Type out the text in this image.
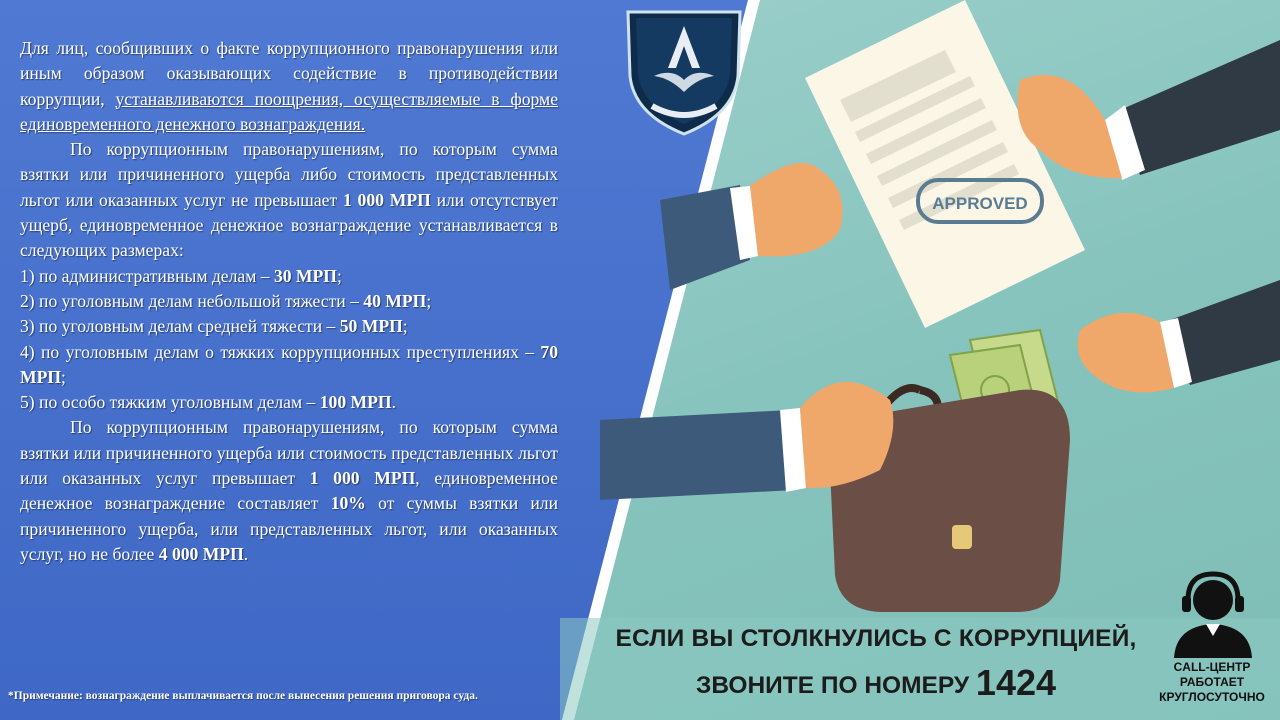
Для лиц, сообщивших о факте коррупционного правонарушения или иным образом оказывающих содействие в противодействии коррупции, устанавливаются поощрения, осуществляемые в форме единовременного денежного вознаграждения.

По коррупционным правонарушениям, по которым сумма взятки или причиненного ущерба либо стоимость представленных льгот или оказанных услуг не превышает 1 000 МРП или отсутствует ущерб, единовременное денежное вознаграждение устанавливается в следующих размерах:

1) по административным делам – 30 МРП;

2) по уголовным делам небольшой тяжести – 40 МРП;

3) по уголовным делам средней тяжести – 50 МРП;

4) по уголовным делам о тяжких коррупционных преступлениях – 70 МРП;

5) по особо тяжким уголовным делам – 100 МРП.

По коррупционным правонарушениям, по которым сумма взятки или причиненного ущерба или стоимость представленных льгот или оказанных услуг превышает 1 000 МРП, единовременное денежное вознаграждение составляет 10% от суммы взятки или причиненного ущерба, или представленных льгот, или оказанных услуг, но не более 4 000 МРП.

*Примечание: вознаграждение выплачивается после вынесения решения приговора суда.
APPROVED
ЕСЛИ ВЫ СТОЛКНУЛИСЬ С КОРРУПЦИЕЙ,
ЗВОНИТЕ ПО НОМЕРУ 1424	CALL-ЦЕНТР
РАБОТАЕТ
КРУГЛОСУТОЧНО
